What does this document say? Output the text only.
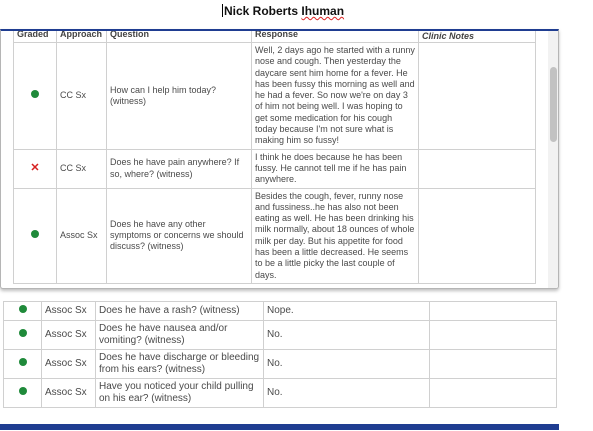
Nick Roberts Ihuman
Graded	Approach	Question	Response	Clinic Notes
	CC Sx	How can I help him today? (witness)	Well, 2 days ago he started with a runny nose and cough. Then yesterday the daycare sent him home for a fever. He has been fussy this morning as well and he had a fever. So now we're on day 3 of him not being well. I was hoping to get some medication for his cough today because I'm not sure what is making him so fussy!	

✕	CC Sx	Does he have pain anywhere? If so, where? (witness)	I think he does because he has been fussy. He cannot tell me if he has pain anywhere.	

	Assoc Sx	Does he have any other symptoms or concerns we should discuss? (witness)	Besides the cough, fever, runny nose and fussiness..he has also not been eating as well. He has been drinking his milk normally, about 18 ounces of whole milk per day. But his appetite for food has been a little decreased. He seems to be a little picky the last couple of days.	

	Assoc Sx	Does he have a rash? (witness)	Nope.	
	Assoc Sx	Does he have nausea and/or vomiting? (witness)	No.	
	Assoc Sx	Does he have discharge or bleeding from his ears? (witness)	No.	
	Assoc Sx	Have you noticed your child pulling on his ear? (witness)	No.	
